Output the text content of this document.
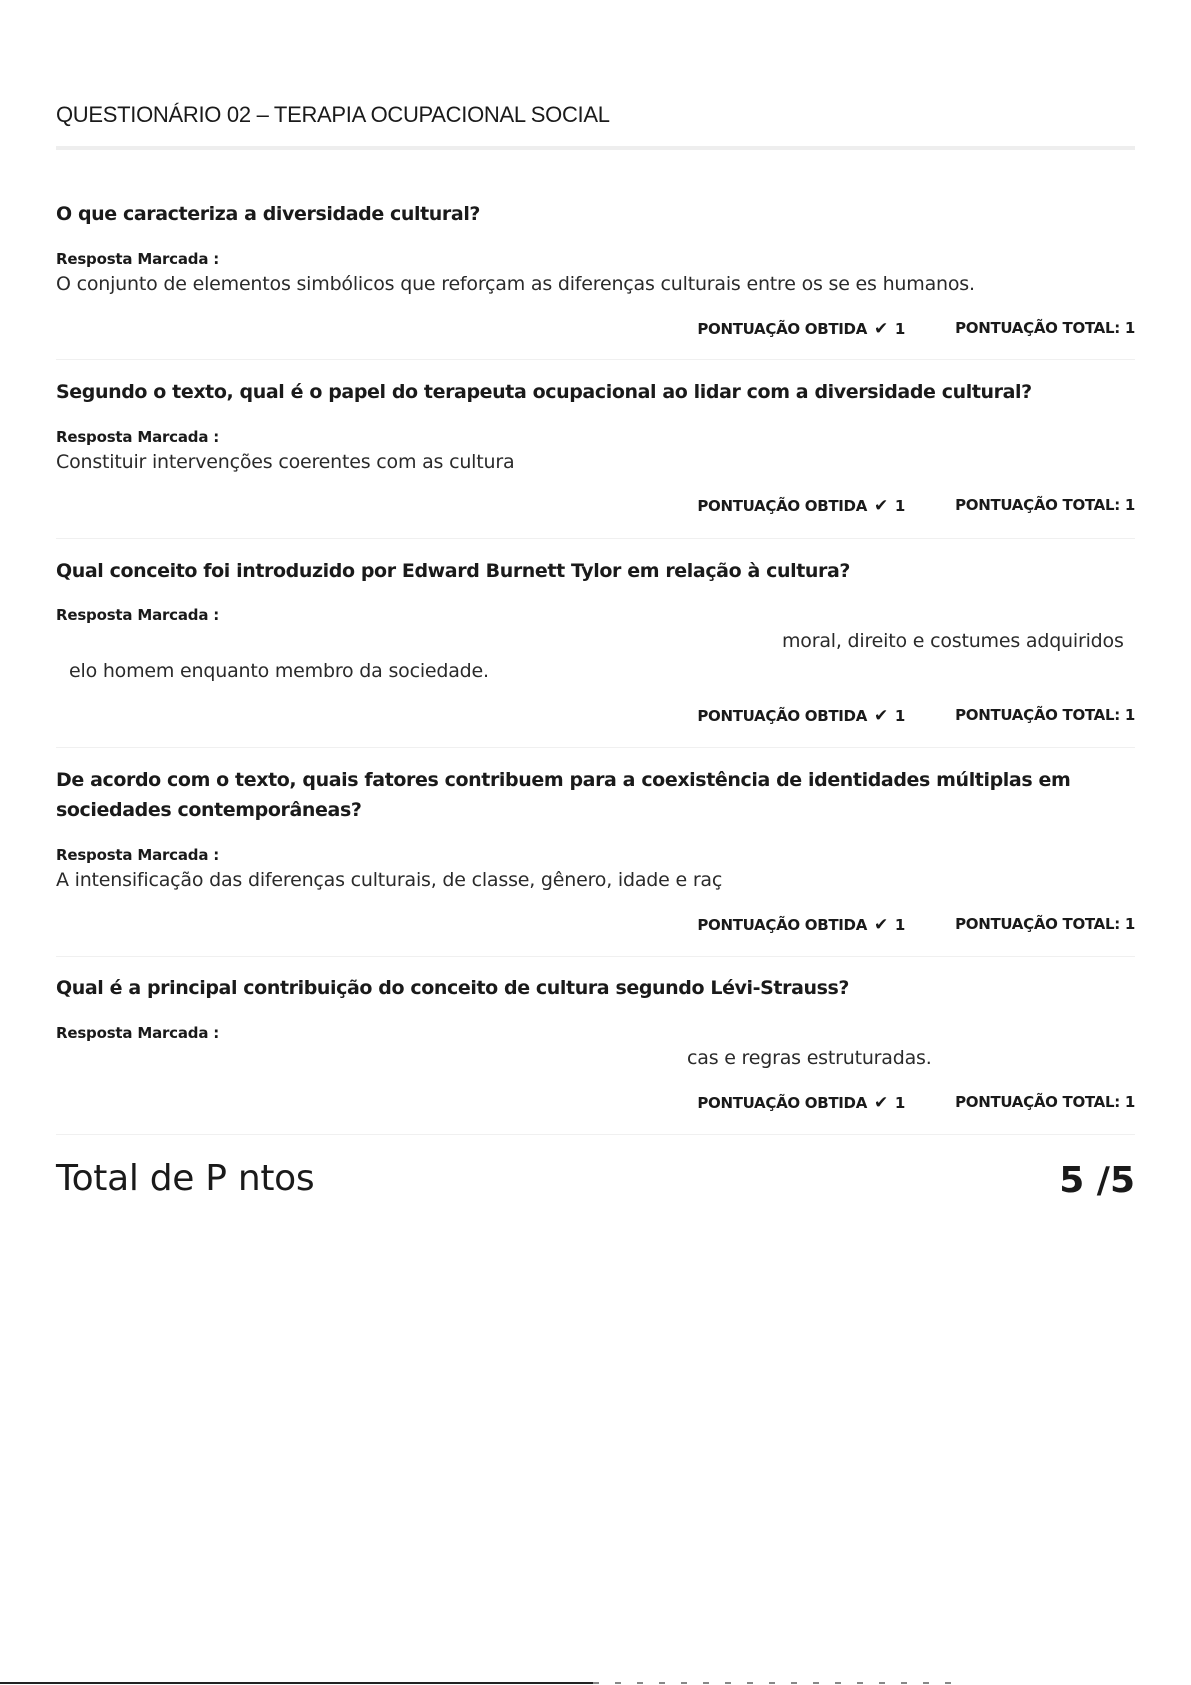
QUESTIONÁRIO 02 – TERAPIA OCUPACIONAL SOCIAL
O que caracteriza a diversidade cultural?
Resposta Marcada :
O conjunto de elementos simbólicos que reforçam as diferenças culturais entre os se es humanos.
PONTUAÇÃO OBTIDA ✔ 1	PONTUAÇÃO TOTAL: 1
Segundo o texto, qual é o papel do terapeuta ocupacional ao lidar com a diversidade cultural?
Resposta Marcada :
Constituir intervenções coerentes com as cultura
PONTUAÇÃO OBTIDA ✔ 1	PONTUAÇÃO TOTAL: 1
Qual conceito foi introduzido por Edward Burnett Tylor em relação à cultura?
Resposta Marcada :
moral, direito e costumes adquiridos
elo homem enquanto membro da sociedade.
PONTUAÇÃO OBTIDA ✔ 1	PONTUAÇÃO TOTAL: 1
De acordo com o texto, quais fatores contribuem para a coexistência de identidades múltiplas em sociedades contemporâneas?
Resposta Marcada :
A intensificação das diferenças culturais, de classe, gênero, idade e raç
PONTUAÇÃO OBTIDA ✔ 1	PONTUAÇÃO TOTAL: 1
Qual é a principal contribuição do conceito de cultura segundo Lévi-Strauss?
Resposta Marcada :
cas e regras estruturadas.
PONTUAÇÃO OBTIDA ✔ 1	PONTUAÇÃO TOTAL: 1
Total de P ntos	5 /5
